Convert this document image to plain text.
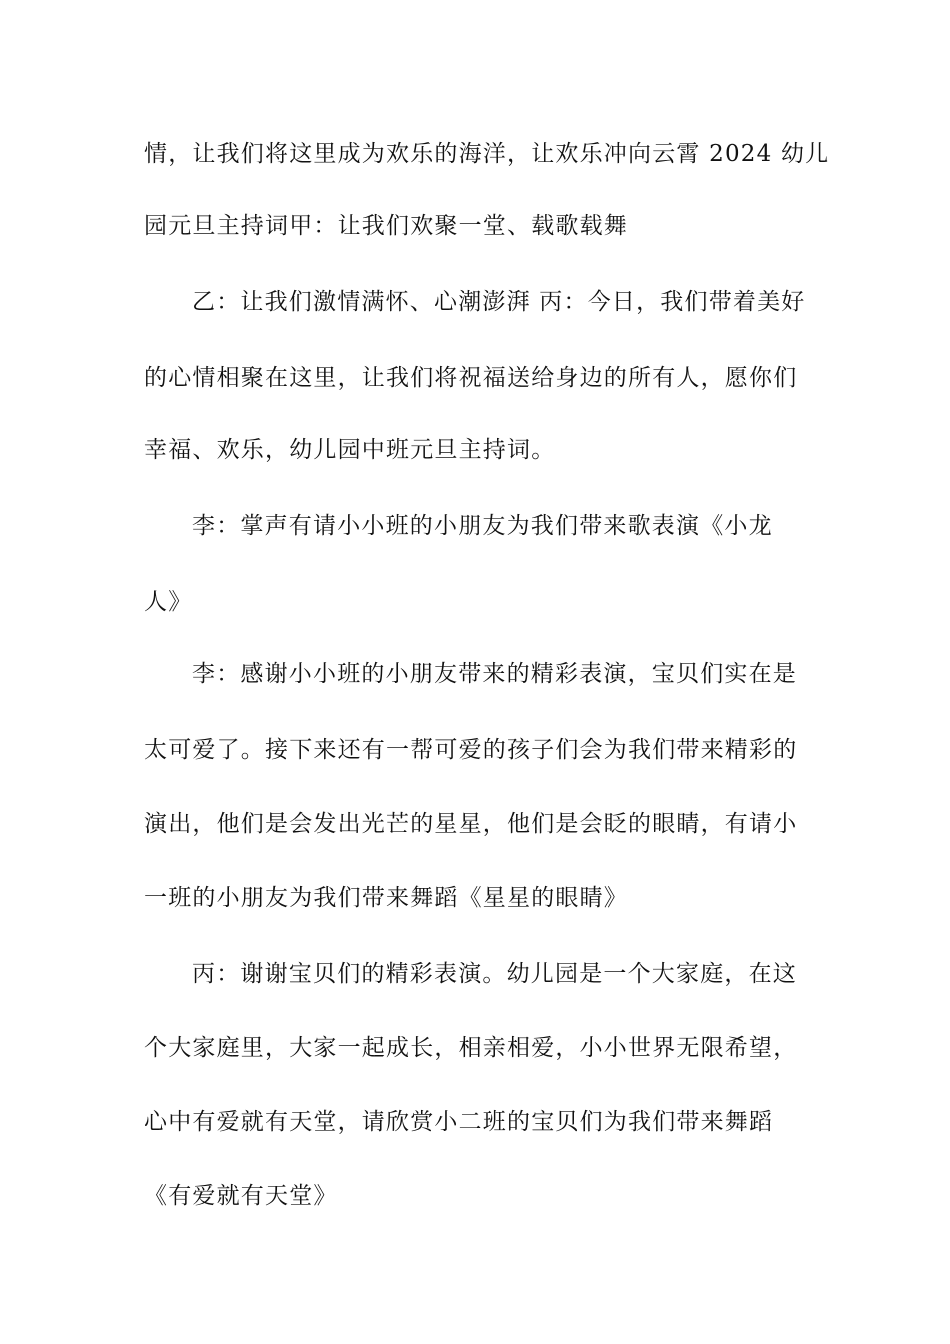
情，让我们将这里成为欢乐的海洋，让欢乐冲向云霄 2024 幼儿
园元旦主持词甲：让我们欢聚一堂、载歌载舞
乙：让我们激情满怀、心潮澎湃 丙：今日，我们带着美好
的心情相聚在这里，让我们将祝福送给身边的所有人，愿你们
幸福、欢乐，幼儿园中班元旦主持词。
李：掌声有请小小班的小朋友为我们带来歌表演《小龙
人》
李：感谢小小班的小朋友带来的精彩表演，宝贝们实在是
太可爱了。接下来还有一帮可爱的孩子们会为我们带来精彩的
演出，他们是会发出光芒的星星，他们是会眨的眼睛，有请小
一班的小朋友为我们带来舞蹈《星星的眼睛》
丙：谢谢宝贝们的精彩表演。幼儿园是一个大家庭，在这
个大家庭里，大家一起成长，相亲相爱，小小世界无限希望，
心中有爱就有天堂，请欣赏小二班的宝贝们为我们带来舞蹈
《有爱就有天堂》
